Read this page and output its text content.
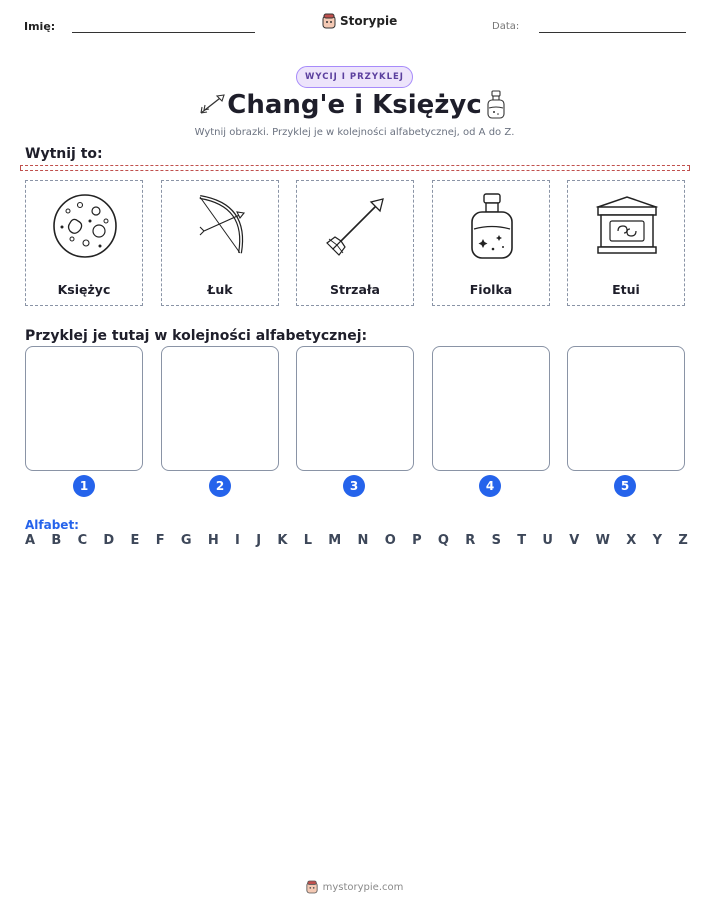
Imię:	Storypie	Data:
WYCIJ I PRZYKLEJ
Chang'e i Księżyc
Wytnij obrazki. Przyklej je w kolejności alfabetycznej, od A do Z.
Wytnij to:
Księżyc	Łuk	Strzała	Fiolka	Etui
Przyklej je tutaj w kolejności alfabetycznej:
1	2	3	4	5
Alfabet:
A B C D E F G H I J K L M N O P Q R S T U V W X Y Z
mystorypie.com
